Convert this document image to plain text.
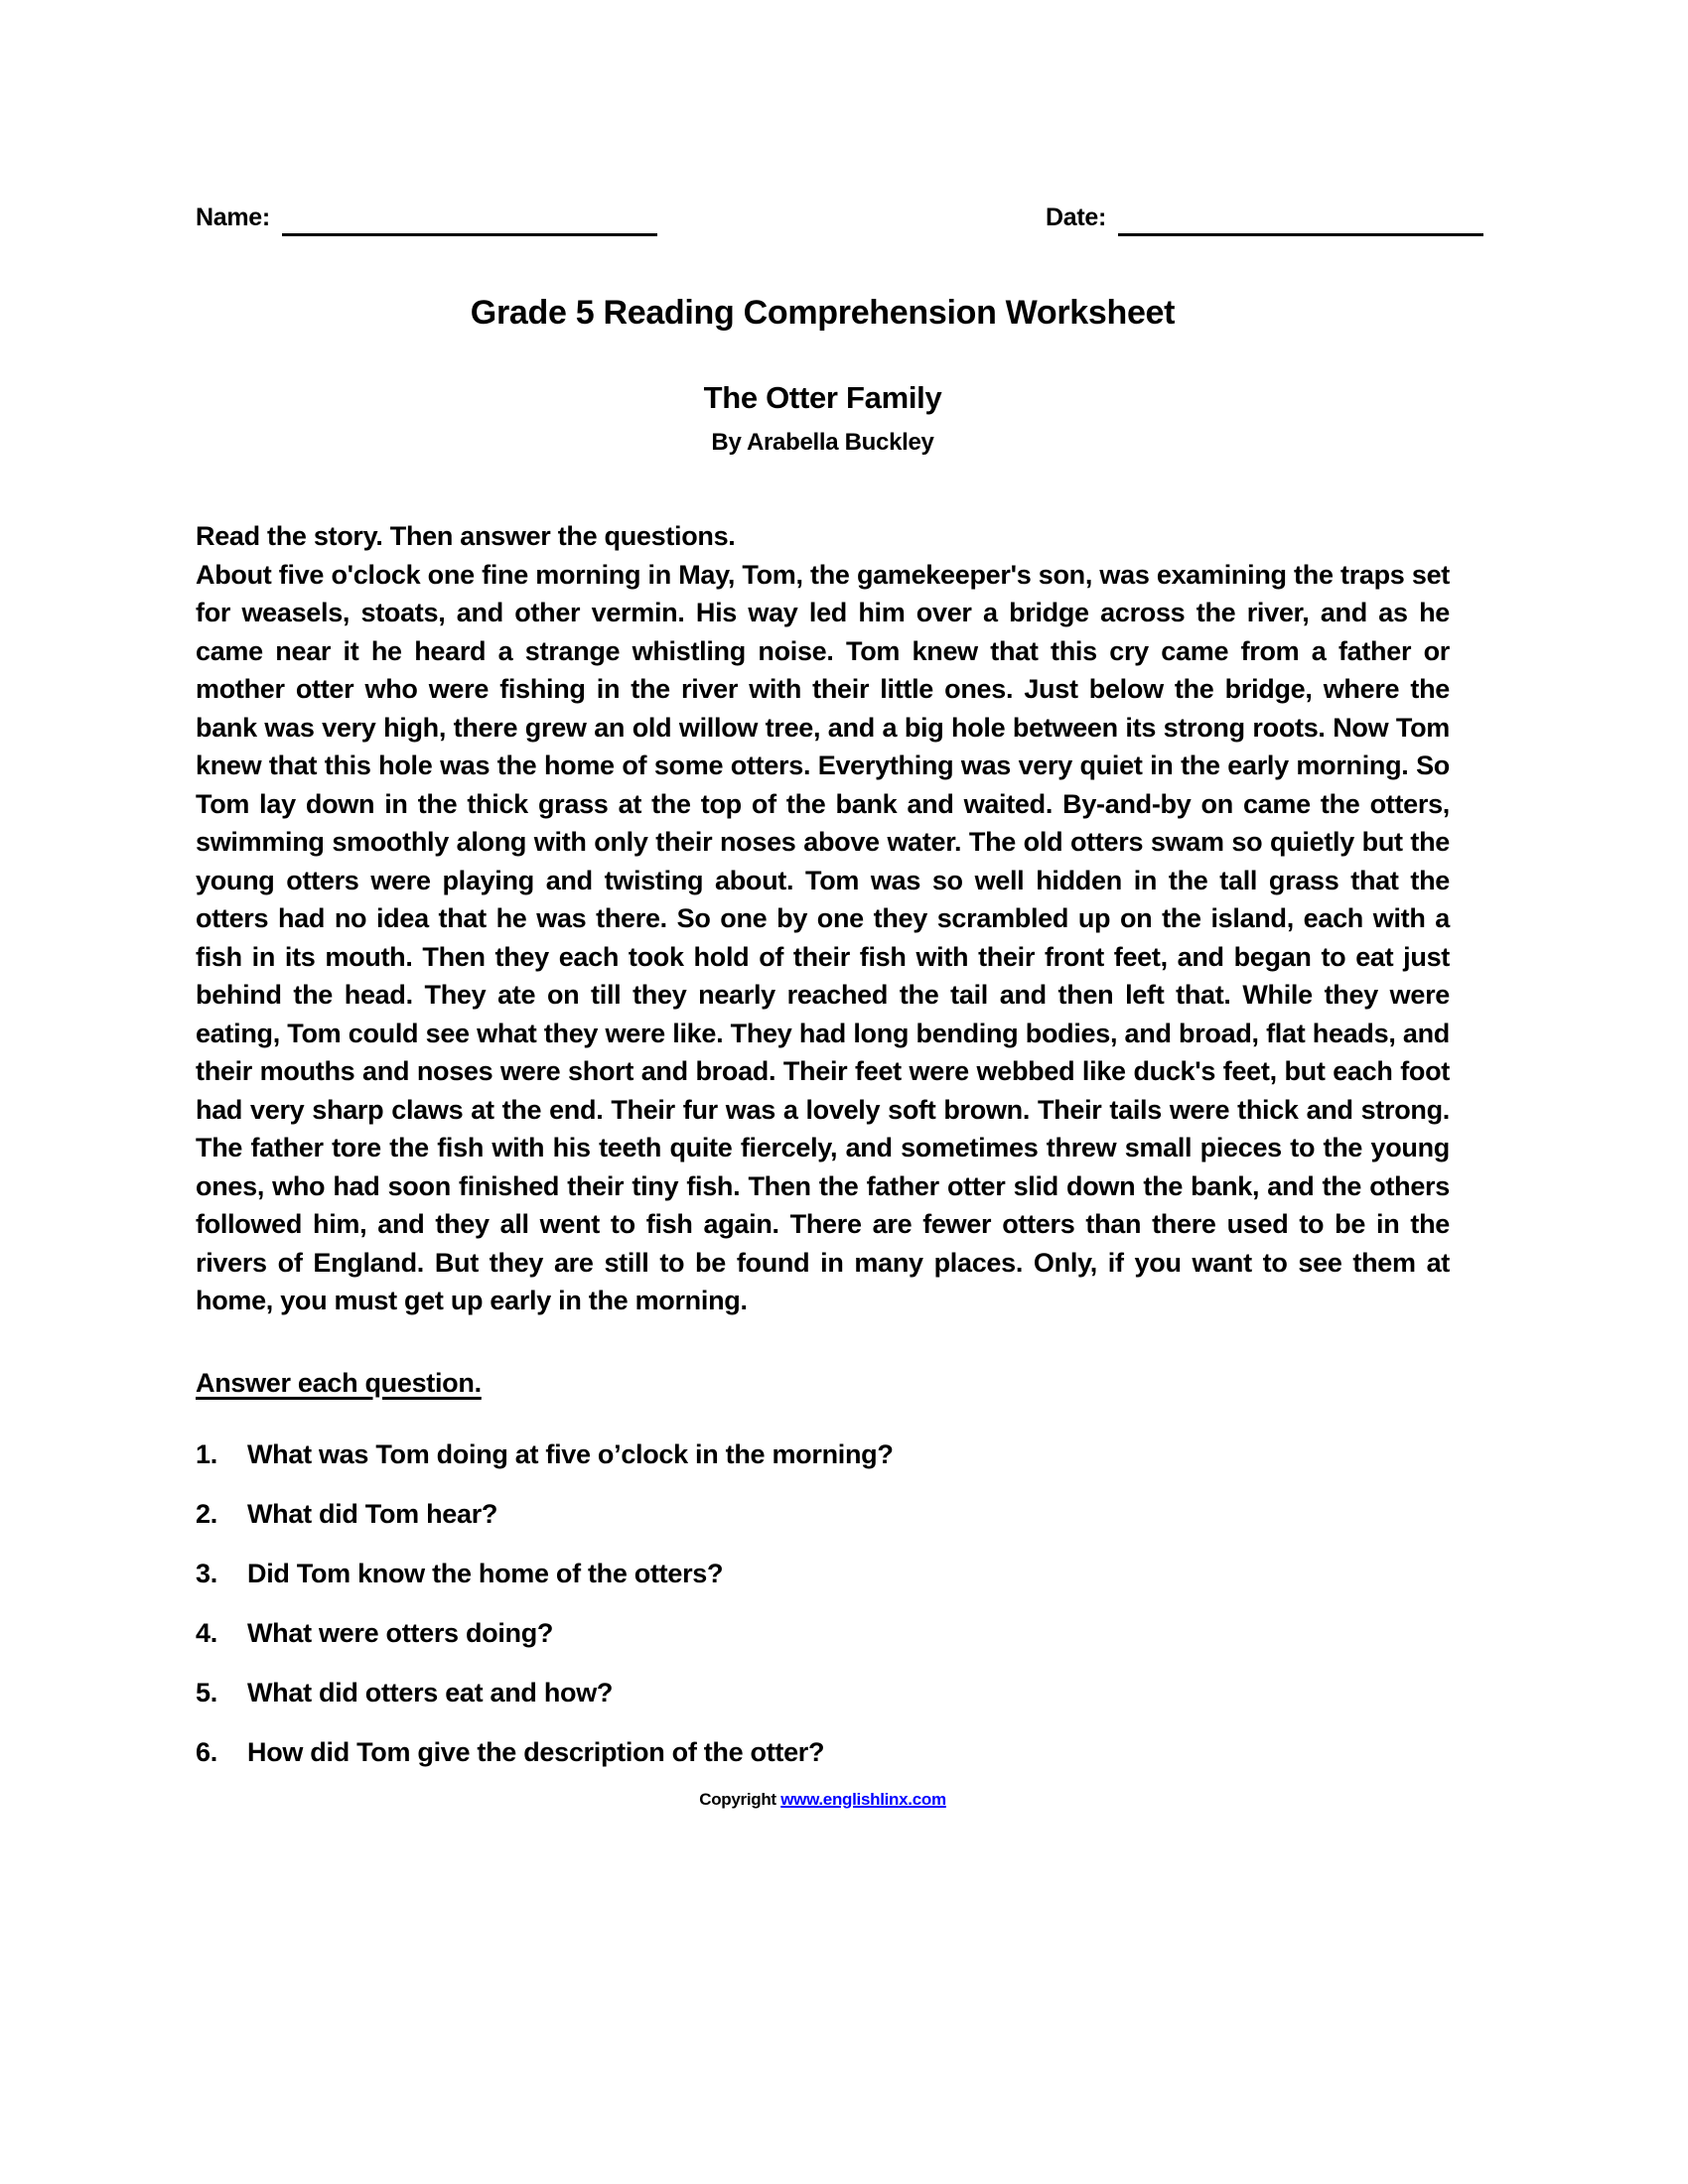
Name:	Date:
Grade 5 Reading Comprehension Worksheet
The Otter Family
By Arabella Buckley

Read the story. Then answer the questions.

About five o'clock one fine morning in May, Tom, the gamekeeper's son, was examining the traps set for weasels, stoats, and other vermin. His way led him over a bridge across the river, and as he came near it he heard a strange whistling noise. Tom knew that this cry came from a father or mother otter who were fishing in the river with their little ones. Just below the bridge, where the bank was very high, there grew an old willow tree, and a big hole between its strong roots. Now Tom knew that this hole was the home of some otters. Everything was very quiet in the early morning. So Tom lay down in the thick grass at the top of the bank and waited. By-and-by on came the otters, swimming smoothly along with only their noses above water. The old otters swam so quietly but the young otters were playing and twisting about. Tom was so well hidden in the tall grass that the otters had no idea that he was there. So one by one they scrambled up on the island, each with a fish in its mouth. Then they each took hold of their fish with their front feet, and began to eat just behind the head. They ate on till they nearly reached the tail and then left that. While they were eating, Tom could see what they were like. They had long bending bodies, and broad, flat heads, and their mouths and noses were short and broad. Their feet were webbed like duck's feet, but each foot had very sharp claws at the end. Their fur was a lovely soft brown. Their tails were thick and strong. The father tore the fish with his teeth quite fiercely, and sometimes threw small pieces to the young ones, who had soon finished their tiny fish. Then the father otter slid down the bank, and the others followed him, and they all went to fish again. There are fewer otters than there used to be in the rivers of England. But they are still to be found in many places. Only, if you want to see them at home, you must get up early in the morning.

Answer each question.
1.	What was Tom doing at five o’clock in the morning?
2.	What did Tom hear?
3.	Did Tom know the home of the otters?
4.	What were otters doing?
5.	What did otters eat and how?
6.	How did Tom give the description of the otter?
Copyright www.englishlinx.com
